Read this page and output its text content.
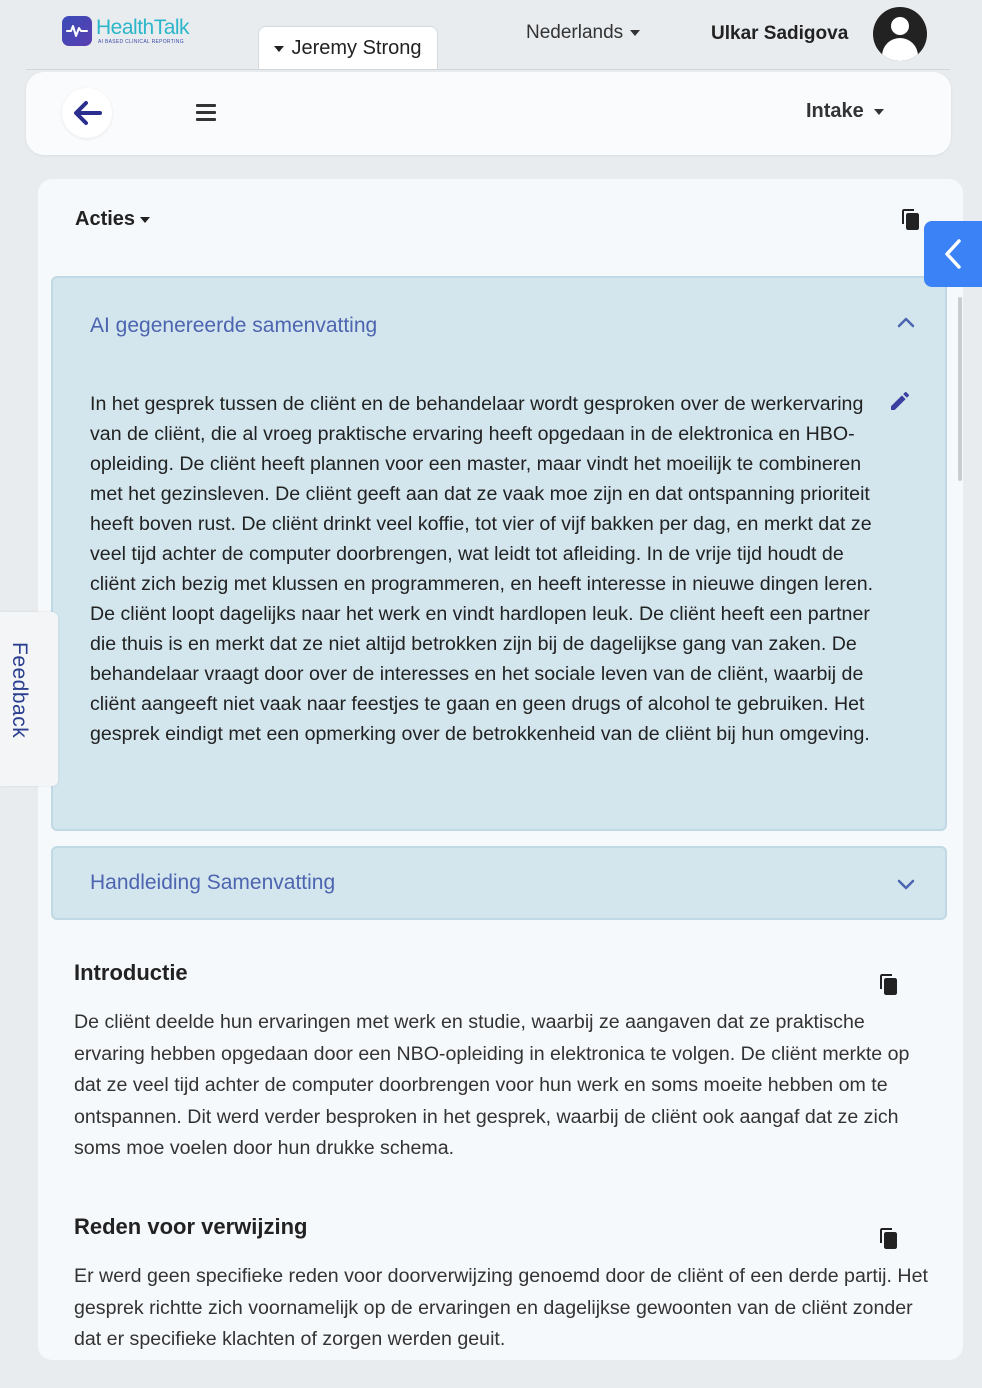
HealthTalk
AI BASED CLINICAL REPORTING	Jeremy Strong
Nederlands	Ulkar Sadigova
Intake
Acties
AI gegenereerde samenvatting
In het gesprek tussen de cliënt en de behandelaar wordt gesproken over de werkervaring van de cliënt, die al vroeg praktische ervaring heeft opgedaan in de elektronica en HBO-opleiding. De cliënt heeft plannen voor een master, maar vindt het moeilijk te combineren met het gezinsleven. De cliënt geeft aan dat ze vaak moe zijn en dat ontspanning prioriteit heeft boven rust. De cliënt drinkt veel koffie, tot vier of vijf bakken per dag, en merkt dat ze veel tijd achter de computer doorbrengen, wat leidt tot afleiding. In de vrije tijd houdt de cliënt zich bezig met klussen en programmeren, en heeft interesse in nieuwe dingen leren. De cliënt loopt dagelijks naar het werk en vindt hardlopen leuk. De cliënt heeft een partner die thuis is en merkt dat ze niet altijd betrokken zijn bij de dagelijkse gang van zaken. De behandelaar vraagt door over de interesses en het sociale leven van de cliënt, waarbij de cliënt aangeeft niet vaak naar feestjes te gaan en geen drugs of alcohol te gebruiken. Het gesprek eindigt met een opmerking over de betrokkenheid van de cliënt bij hun omgeving.
Handleiding Samenvatting
Introductie
De cliënt deelde hun ervaringen met werk en studie, waarbij ze aangaven dat ze praktische ervaring hebben opgedaan door een NBO-opleiding in elektronica te volgen. De cliënt merkte op dat ze veel tijd achter de computer doorbrengen voor hun werk en soms moeite hebben om te ontspannen. Dit werd verder besproken in het gesprek, waarbij de cliënt ook aangaf dat ze zich soms moe voelen door hun drukke schema.
Reden voor verwijzing
Er werd geen specifieke reden voor doorverwijzing genoemd door de cliënt of een derde partij. Het gesprek richtte zich voornamelijk op de ervaringen en dagelijkse gewoonten van de cliënt zonder dat er specifieke klachten of zorgen werden geuit.
Feedback
